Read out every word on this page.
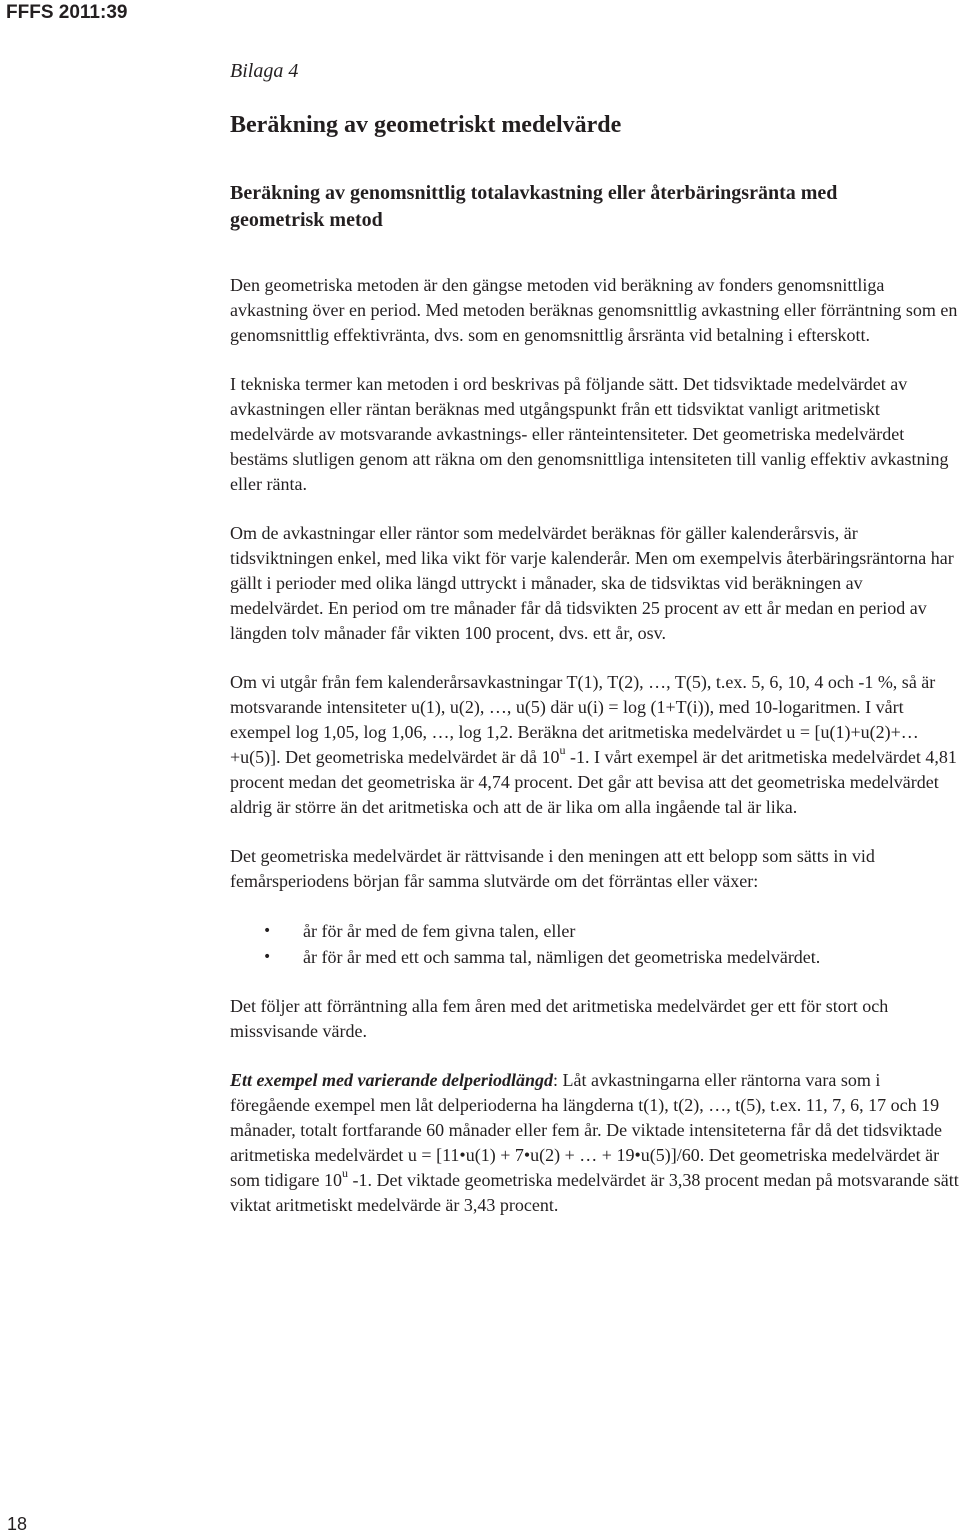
FFFS 2011:39
Bilaga 4
Beräkning av geometriskt medelvärde
Beräkning av genomsnittlig totalavkastning eller återbäringsränta med
geometrisk metod

Den geometriska metoden är den gängse metoden vid beräkning av fonders genomsnittliga avkastning över en period. Med metoden beräknas genomsnittlig avkastning eller förräntning som en genomsnittlig effektivränta, dvs. som en genomsnittlig årsränta vid betalning i efterskott.

I tekniska termer kan metoden i ord beskrivas på följande sätt. Det tidsviktade medelvärdet av avkastningen eller räntan beräknas med utgångspunkt från ett tidsviktat vanligt aritmetiskt medelvärde av motsvarande avkastnings- eller ränteintensiteter. Det geometriska medelvärdet bestäms slutligen genom att räkna om den genomsnittliga intensiteten till vanlig effektiv avkastning eller ränta.

Om de avkastningar eller räntor som medelvärdet beräknas för gäller kalenderårsvis, är tidsviktningen enkel, med lika vikt för varje kalenderår. Men om exempelvis återbäringsräntorna har gällt i perioder med olika längd uttryckt i månader, ska de tidsviktas vid beräkningen av medelvärdet. En period om tre månader får då tidsvikten 25 procent av ett år medan en period av längden tolv månader får vikten 100 procent, dvs. ett år, osv.

Om vi utgår från fem kalenderårsavkastningar T(1), T(2), …, T(5), t.ex. 5, 6, 10, 4 och -1 %, så är motsvarande intensiteter u(1), u(2), …, u(5) där u(i) = log (1+T(i)), med 10-logaritmen. I vårt exempel log 1,05, log 1,06, …, log 1,2. Beräkna det aritmetiska medelvärdet u = [u(1)+u(2)+…+u(5)]. Det geometriska medelvärdet är då 10$^u$ -1. I vårt exempel är det aritmetiska medelvärdet 4,81 procent medan det geometriska är 4,74 procent. Det går att bevisa att det geometriska medelvärdet aldrig är större än det aritmetiska och att de är lika om alla ingående tal är lika.

Det geometriska medelvärdet är rättvisande i den meningen att ett belopp som sätts in vid femårsperiodens början får samma slutvärde om det förräntas eller växer:

• år för år med de fem givna talen, eller
• år för år med ett och samma tal, nämligen det geometriska medelvärdet.

Det följer att förräntning alla fem åren med det aritmetiska medelvärdet ger ett för stort och missvisande värde.

Ett exempel med varierande delperiodlängd: Låt avkastningarna eller räntorna vara som i föregående exempel men låt delperioderna ha längderna t(1), t(2), …, t(5), t.ex. 11, 7, 6, 17 och 19 månader, totalt fortfarande 60 månader eller fem år. De viktade intensiteterna får då det tidsviktade aritmetiska medelvärdet u = [11•u(1) + 7•u(2) + … + 19•u(5)]/60. Det geometriska medelvärdet är som tidigare 10$^u$ -1. Det viktade geometriska medelvärdet är 3,38 procent medan på motsvarande sätt viktat aritmetiskt medelvärde är 3,43 procent.

18
